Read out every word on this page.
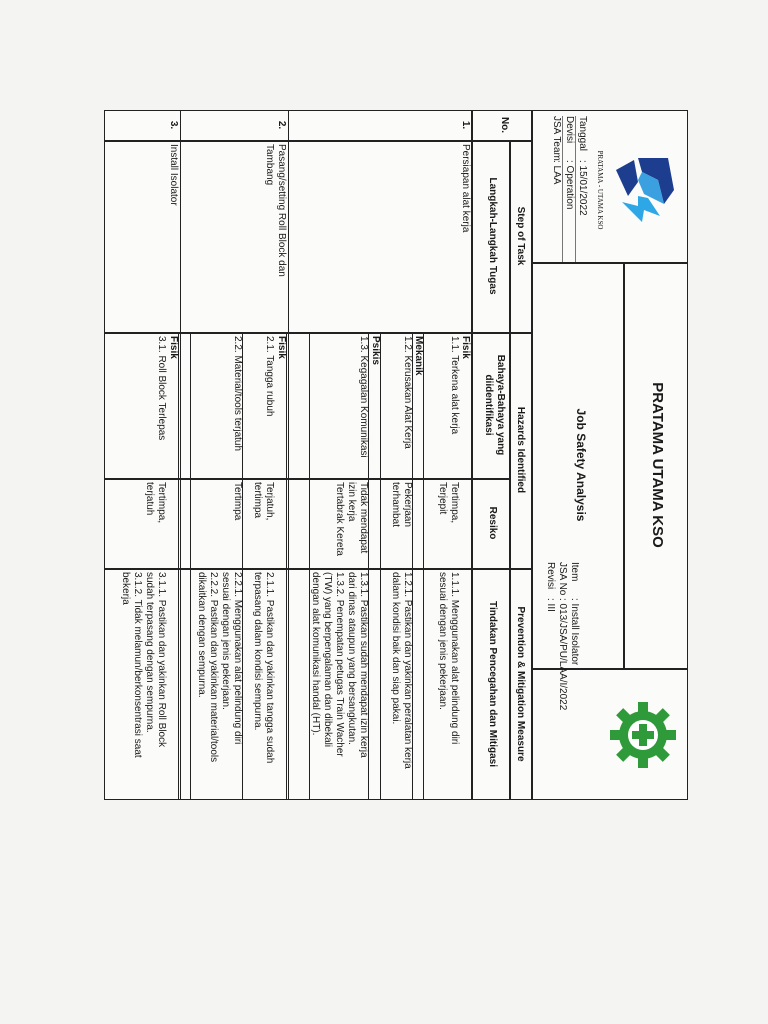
PRATAMA - UTAMA KSO
Tanggal
: 15/01/2022
Devisi
: Operation
JSA Team
: LAA
PRATAMA UTAMA KSO
Job Safety Analysis
Item
: Install Isolator
JSA No
: 013/JSA/PU/LAA/I/2022
Revisi
: III
No.
Step of Task
Langkah-Langkah Tugas
Hazards Identified
Bahaya-Bahaya yang diidentifikasi
Resiko
Prevention & Mitigation Measure
Tindakan Pencegahan dan Mitigasi
1.
Persiapan alat kerja
Fisik
1.1. Terkena alat kerja
Tertimpa,
Terjepit
1.1.1. Menggunakan alat pelindung diri
sesuai dengan jenis pekerjaan.
Mekanik
1.2. Kerusakan Alat Kerja
Pekerjaan
terhambat
1.2.1. Pastikan dan yakinkan peralatan kerja
dalam kondisi baik dan siap pakai.
Psikis
1.3. Kegagalan Komunikasi
Tidak mendapat
izin kerja
Tertabrak Kereta
1.3.1. Pastikan sudah mendapat izin kerja
dari dinas ataupun yang bersangkutan.
1.3.2. Penempatan petugas Train Wacher
(TW) yang berpengalaman dan dibekali
dengan alat komunikasi handal (HT).
2.
Pasang/setting Roll Block dan
Tambang
Fisik
2.1. Tangga rubuh
Terjatuh,
tertimpa
2.1.1. Pastikan dan yakinkan tangga sudah
terpasang dalam kondisi sempurna.
2.2. Material/tools terjatuh
Tertimpa
2.2.1. Menggunakan alat pelindung diri
sesuai dengan jenis pekerjaan.
2.2.2. Pastikan dan yakinkan material/tools
dikaitkan dengan sempurna.
3.
Install Isolator
Fisik
3.1. Roll Block Terlepas
Tertimpa,
terjatuh
3.1.1. Pastikan dan yakinkan Roll Block
sudah terpasang dengan sempurna.
3.1.2. Tidak melamun/berkonsentrasi saat
bekerja
